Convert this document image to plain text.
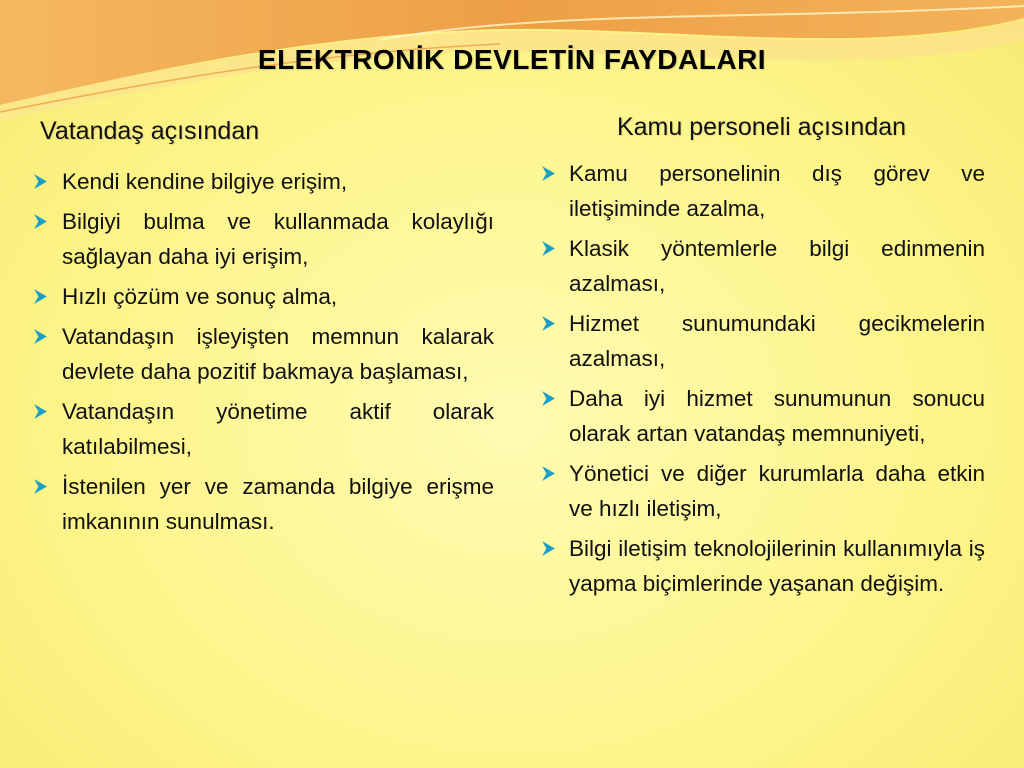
ELEKTRONİK DEVLETİN FAYDALARI
Vatandaş açısından
Kendi kendine bilgiye erişim,
Bilgiyi bulma ve kullanmada kolaylığı sağlayan daha iyi erişim,
Hızlı çözüm ve sonuç alma,
Vatandaşın işleyişten memnun kalarak devlete daha pozitif bakmaya başlaması,
Vatandaşın yönetime aktif olarak katılabilmesi,
İstenilen yer ve zamanda bilgiye erişme imkanının sunulması.
Kamu personeli açısından
Kamu personelinin dış görev ve iletişiminde azalma,
Klasik yöntemlerle bilgi edinmenin azalması,
Hizmet sunumundaki gecikmelerin azalması,
Daha iyi hizmet sunumunun sonucu olarak artan vatandaş memnuniyeti,
Yönetici ve diğer kurumlarla daha etkin ve hızlı iletişim,
Bilgi iletişim teknolojilerinin kullanımıyla iş yapma biçimlerinde yaşanan değişim.
